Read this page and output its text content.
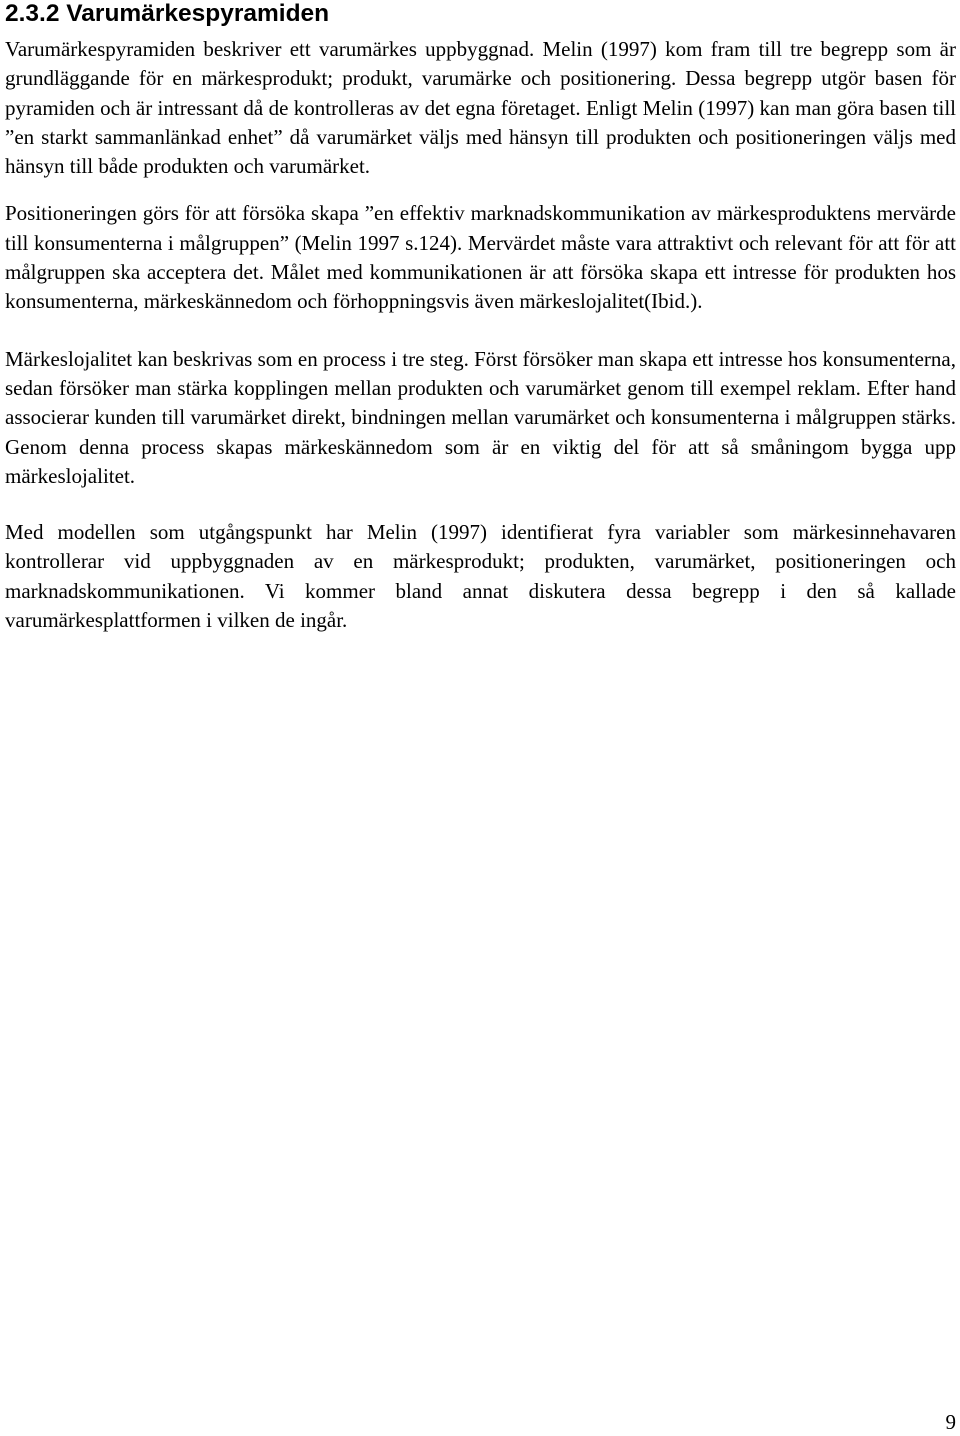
2.3.2 Varumärkespyramiden

Varumärkespyramiden beskriver ett varumärkes uppbyggnad. Melin (1997) kom fram till tre begrepp som är grundläggande för en märkesprodukt; produkt, varumärke och positionering. Dessa begrepp utgör basen för pyramiden och är intressant då de kontrolleras av det egna företaget. Enligt Melin (1997) kan man göra basen till ”en starkt sammanlänkad enhet” då varumärket väljs med hänsyn till produkten och positioneringen väljs med hänsyn till både produkten och varumärket.

Positioneringen görs för att försöka skapa ”en effektiv marknadskommunikation av märkesproduktens mervärde till konsumenterna i målgruppen” (Melin 1997 s.124). Mervärdet måste vara attraktivt och relevant för att för att målgruppen ska acceptera det. Målet med kommunikationen är att försöka skapa ett intresse för produkten hos konsumenterna, märkeskännedom och förhoppningsvis även märkeslojalitet(Ibid.).

Märkeslojalitet kan beskrivas som en process i tre steg. Först försöker man skapa ett intresse hos konsumenterna, sedan försöker man stärka kopplingen mellan produkten och varumärket genom till exempel reklam. Efter hand associerar kunden till varumärket direkt, bindningen mellan varumärket och konsumenterna i målgruppen stärks. Genom denna process skapas märkeskännedom som är en viktig del för att så småningom bygga upp märkeslojalitet.

Med modellen som utgångspunkt har Melin (1997) identifierat fyra variabler som märkesinnehavaren kontrollerar vid uppbyggnaden av en märkesprodukt; produkten, varumärket, positioneringen och marknadskommunikationen. Vi kommer bland annat diskutera dessa begrepp i den så kallade varumärkesplattformen i vilken de ingår.

9
